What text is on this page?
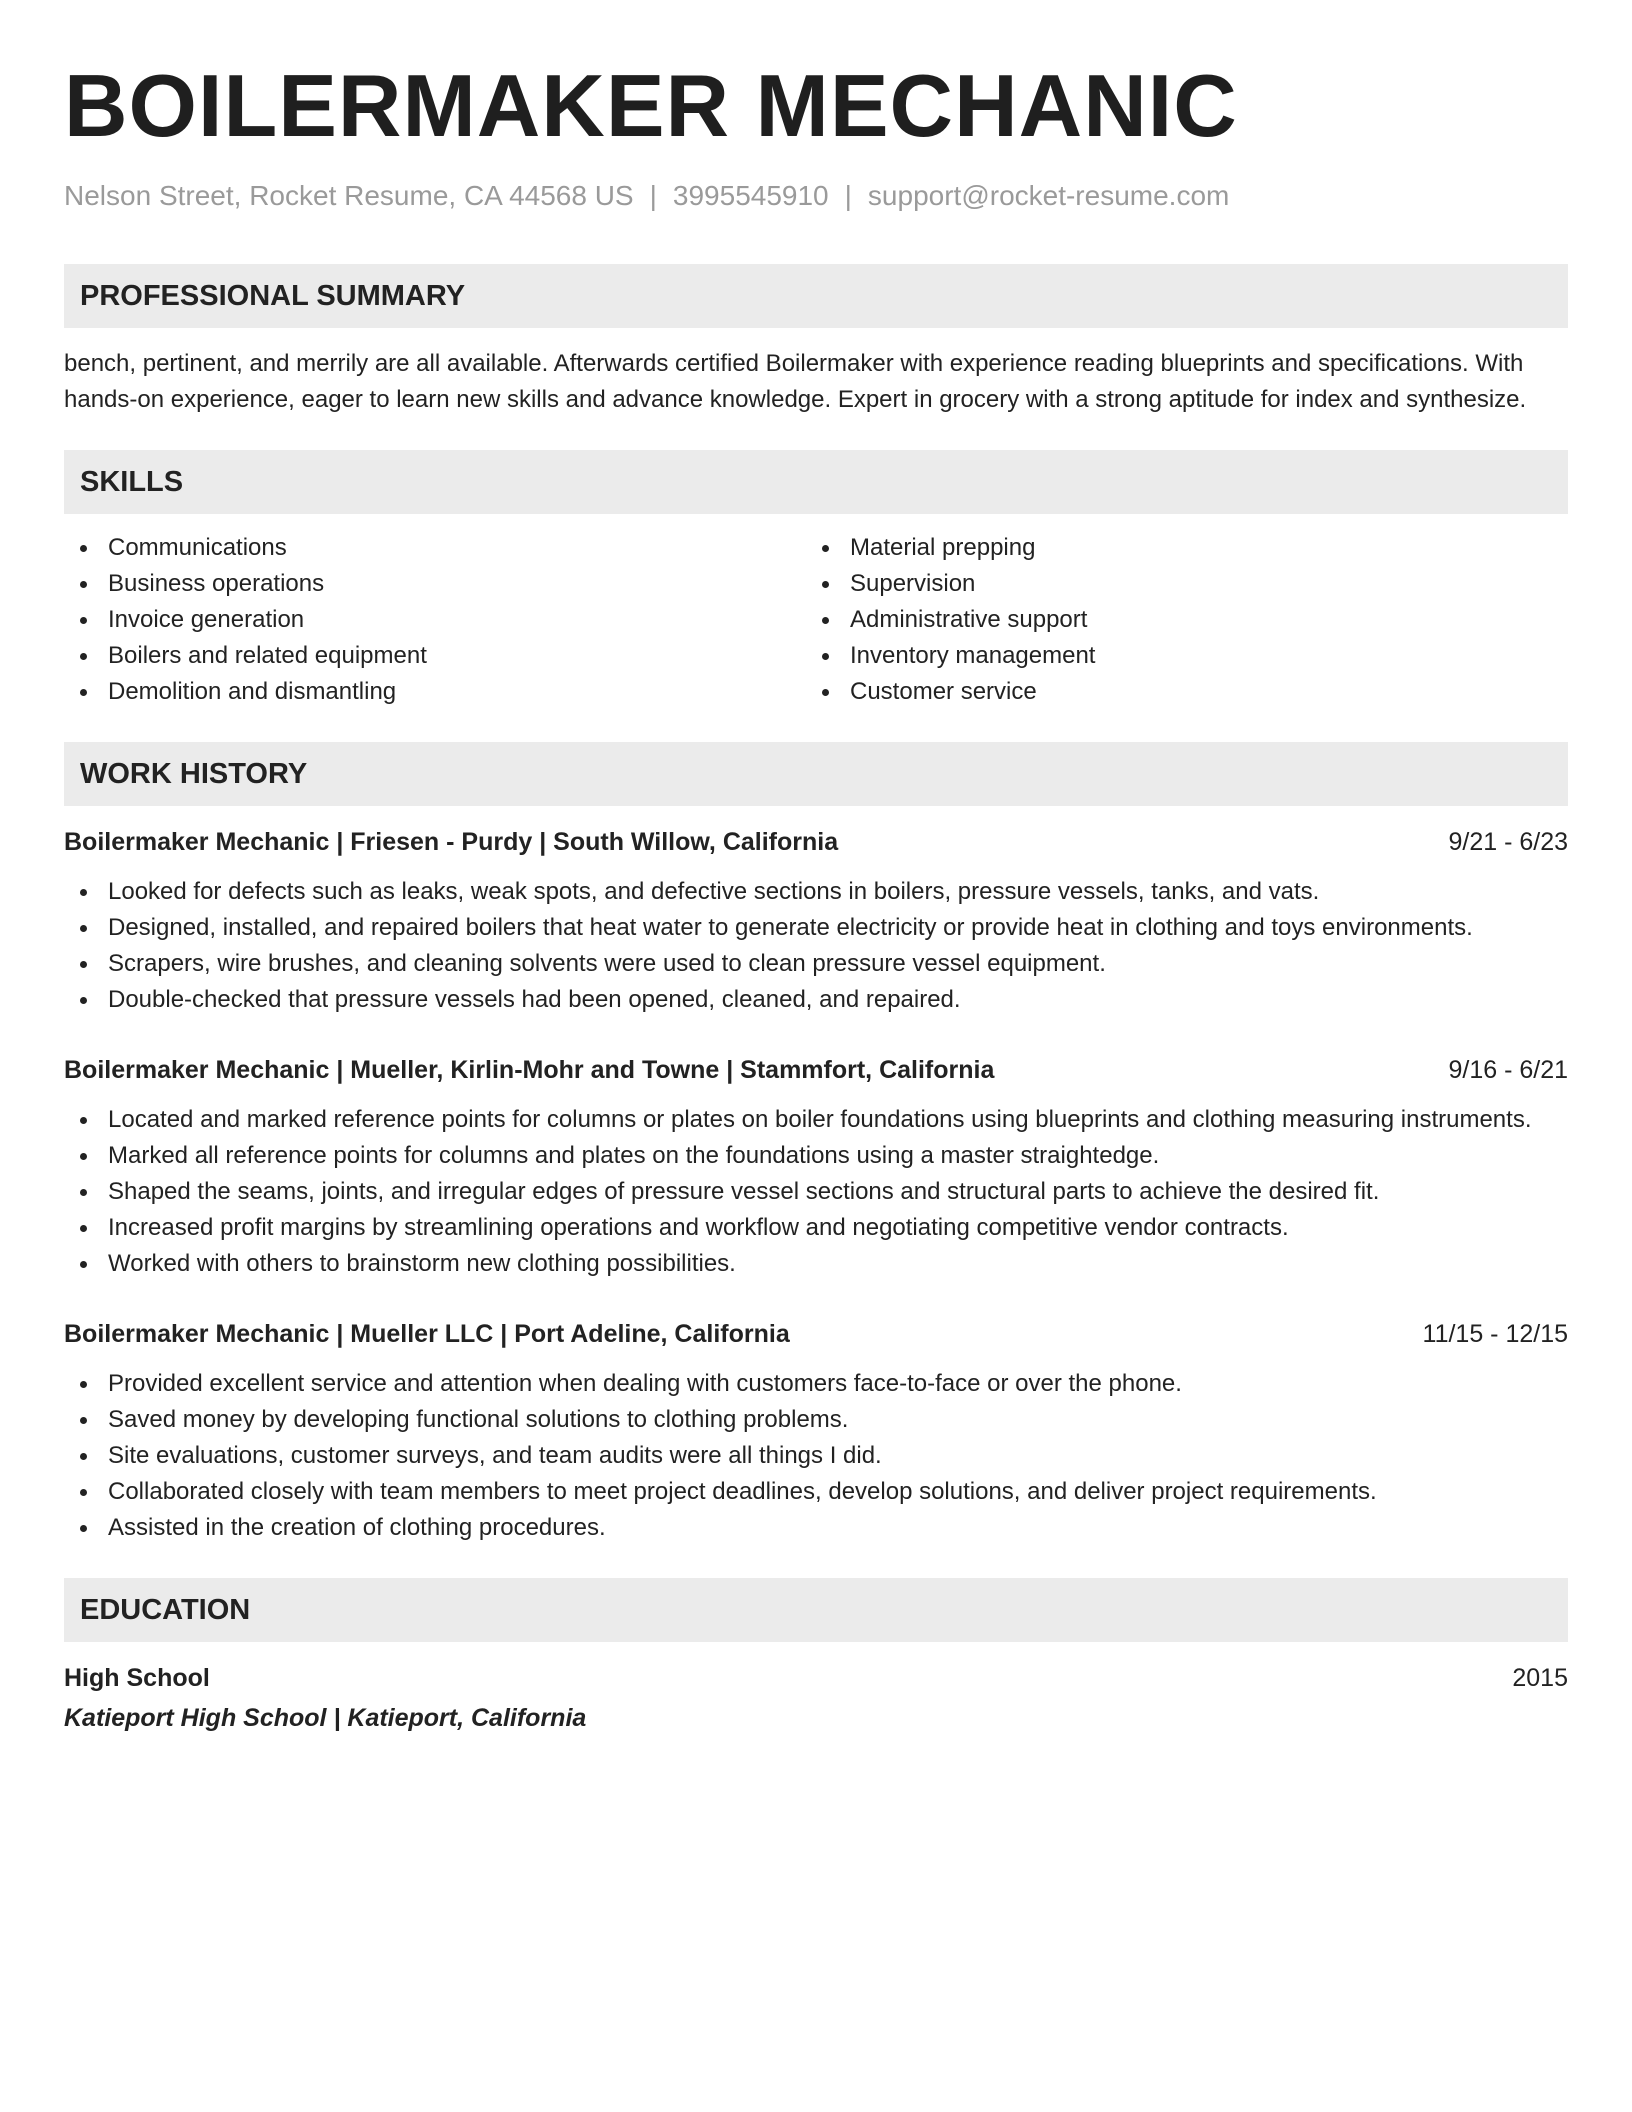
BOILERMAKER MECHANIC
Nelson Street, Rocket Resume, CA 44568 US | 3995545910 | support@rocket-resume.com
PROFESSIONAL SUMMARY
bench, pertinent, and merrily are all available. Afterwards certified Boilermaker with experience reading blueprints and specifications. With hands-on experience, eager to learn new skills and advance knowledge. Expert in grocery with a strong aptitude for index and synthesize.
SKILLS
Communications
Business operations
Invoice generation
Boilers and related equipment
Demolition and dismantling
Material prepping
Supervision
Administrative support
Inventory management
Customer service
WORK HISTORY
Boilermaker Mechanic | Friesen - Purdy | South Willow, California	9/21 - 6/23
Looked for defects such as leaks, weak spots, and defective sections in boilers, pressure vessels, tanks, and vats.
Designed, installed, and repaired boilers that heat water to generate electricity or provide heat in clothing and toys environments.
Scrapers, wire brushes, and cleaning solvents were used to clean pressure vessel equipment.
Double-checked that pressure vessels had been opened, cleaned, and repaired.
Boilermaker Mechanic | Mueller, Kirlin-Mohr and Towne | Stammfort, California	9/16 - 6/21
Located and marked reference points for columns or plates on boiler foundations using blueprints and clothing measuring instruments.
Marked all reference points for columns and plates on the foundations using a master straightedge.
Shaped the seams, joints, and irregular edges of pressure vessel sections and structural parts to achieve the desired fit.
Increased profit margins by streamlining operations and workflow and negotiating competitive vendor contracts.
Worked with others to brainstorm new clothing possibilities.
Boilermaker Mechanic | Mueller LLC | Port Adeline, California	11/15 - 12/15
Provided excellent service and attention when dealing with customers face-to-face or over the phone.
Saved money by developing functional solutions to clothing problems.
Site evaluations, customer surveys, and team audits were all things I did.
Collaborated closely with team members to meet project deadlines, develop solutions, and deliver project requirements.
Assisted in the creation of clothing procedures.
EDUCATION
High School	2015
Katieport High School | Katieport, California
